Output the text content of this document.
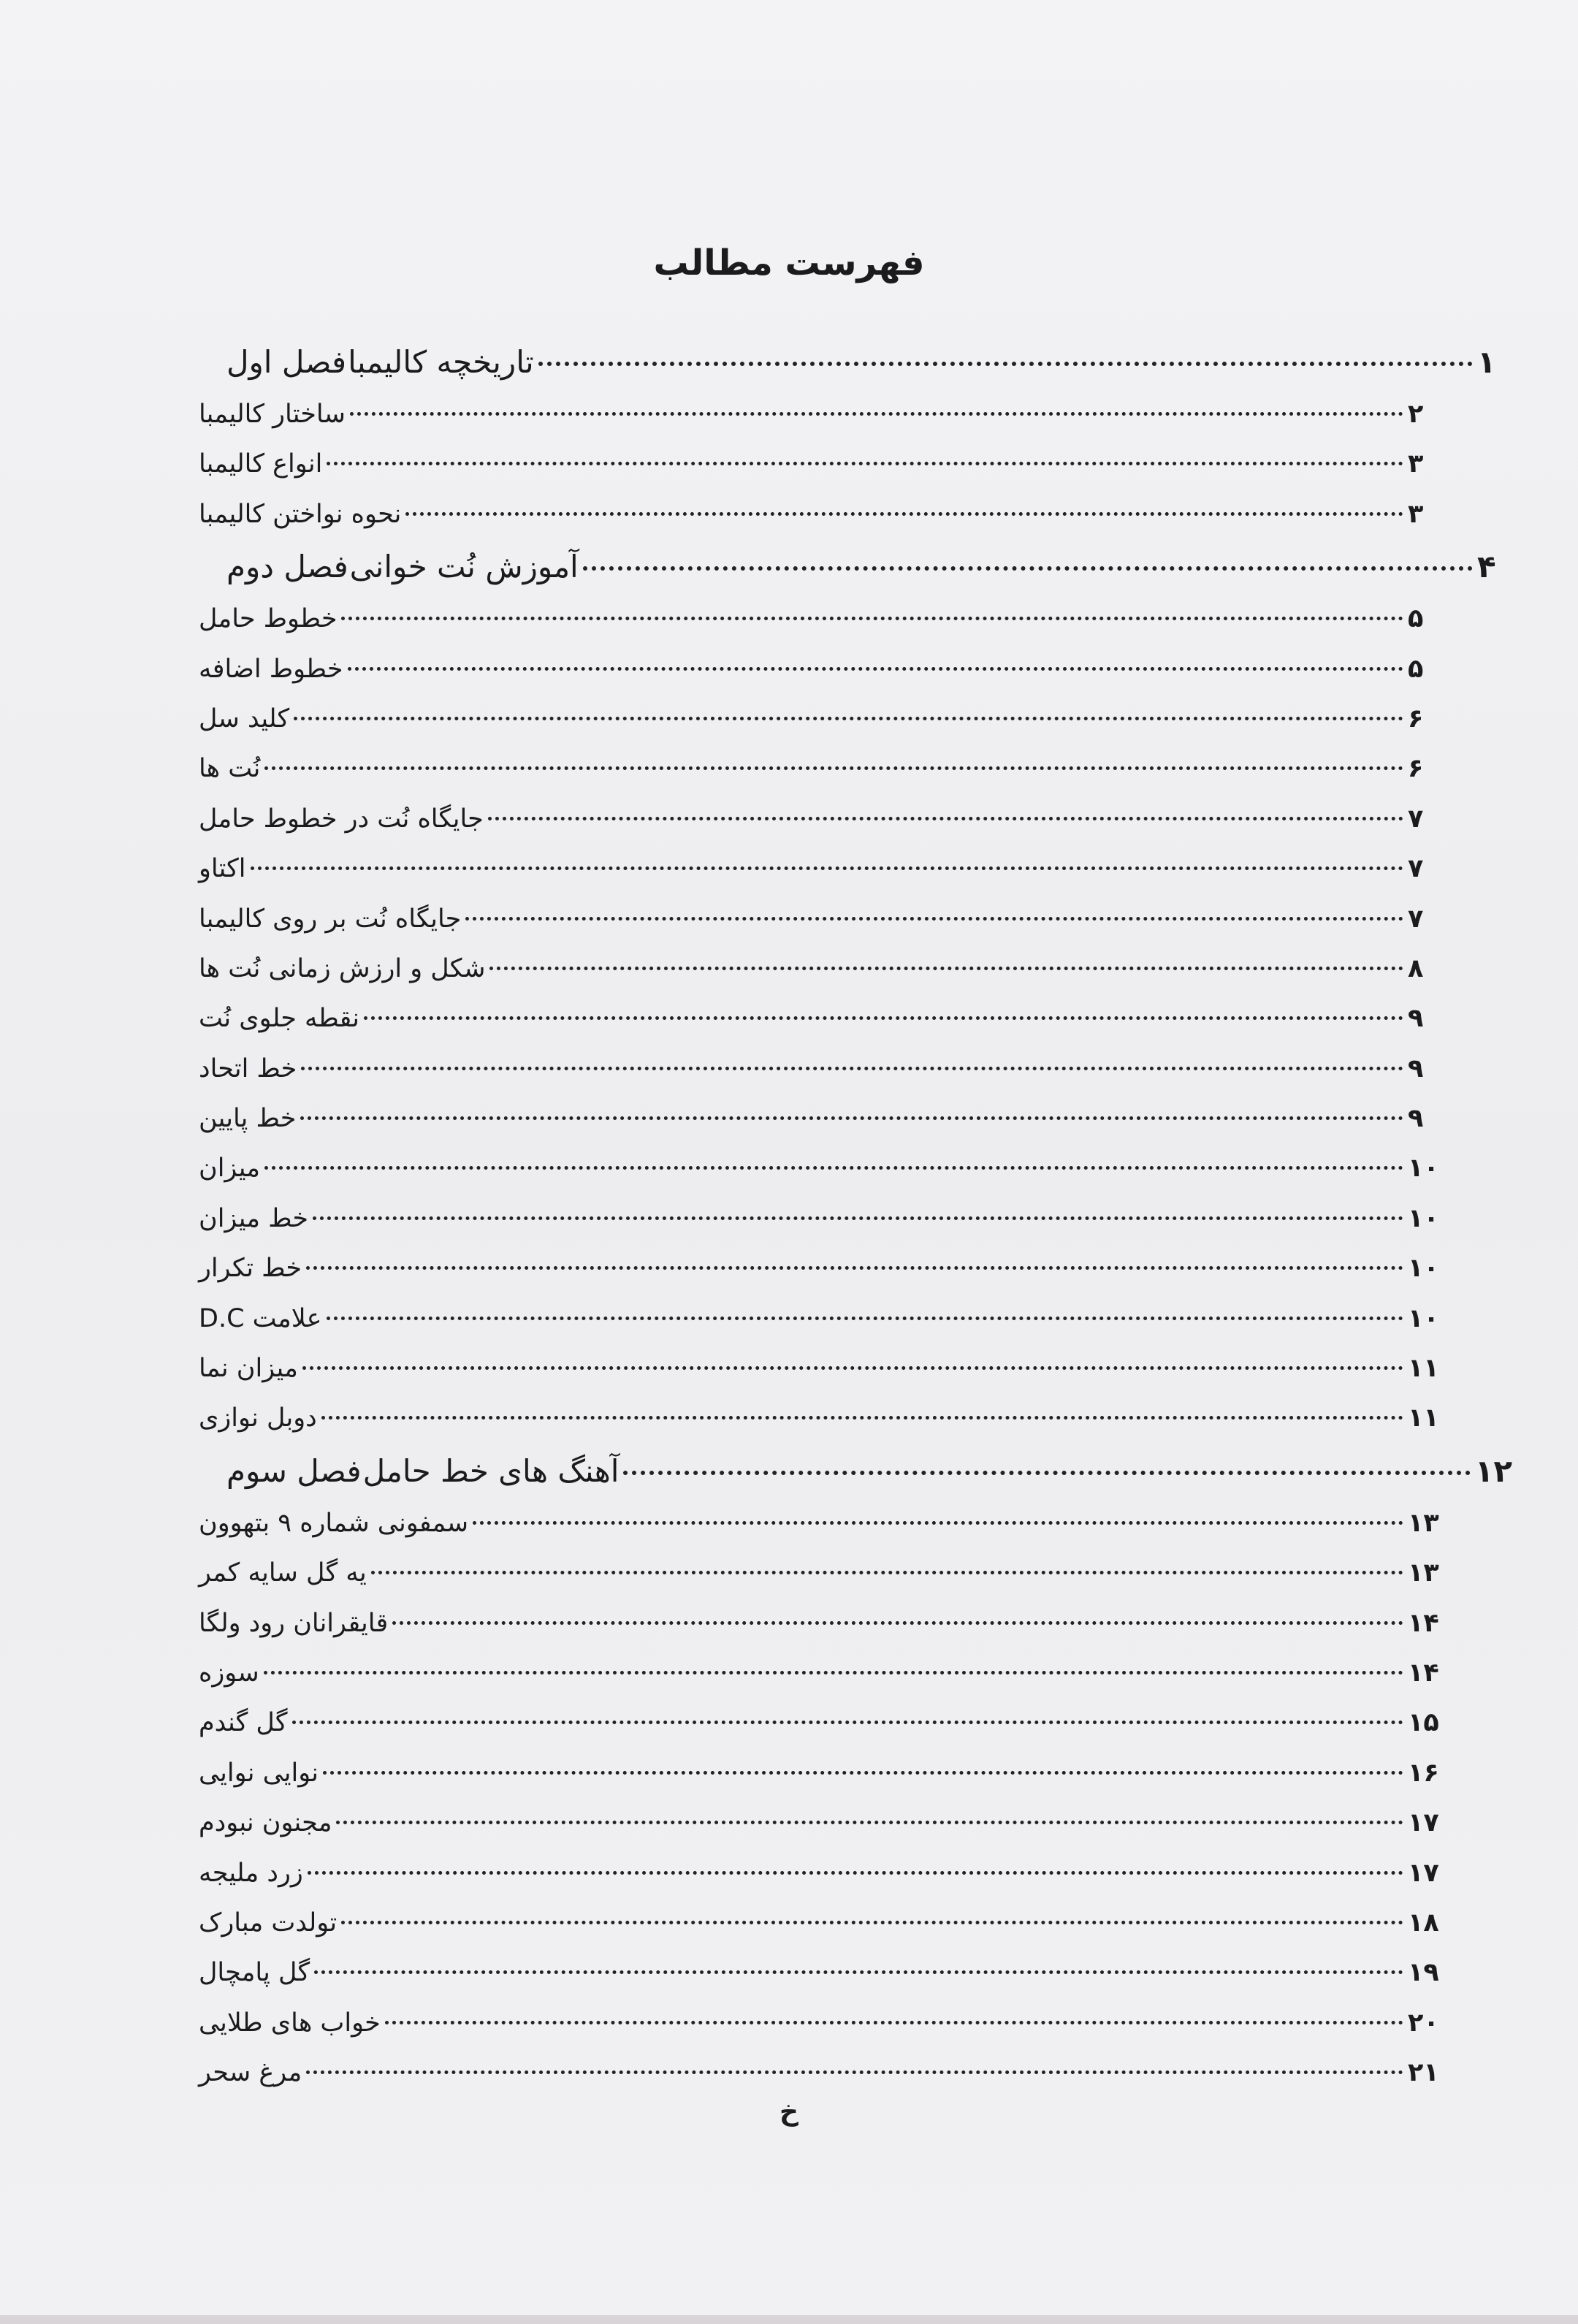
فهرست مطالب
فصل اول تاریخچه کالیمبا	۱
ساختار کالیمبا	۲
انواع کالیمبا	۳
نحوه نواختن کالیمبا	۳
فصل دوم آموزش نُت خوانی	۴
خطوط حامل	۵
خطوط اضافه	۵
کلید سل	۶
نُت ها	۶
جایگاه نُت در خطوط حامل	۷
اکتاو	۷
جایگاه نُت بر روی کالیمبا	۷
شکل و ارزش زمانی نُت ها	۸
نقطه جلوی نُت	۹
خط اتحاد	۹
خط پایین	۹
میزان	۱۰
خط میزان	۱۰
خط تکرار	۱۰
علامت D.C	۱۰
میزان نما	۱۱
دوبل نوازی	۱۱
فصل سوم آهنگ های خط حامل	۱۲
سمفونی شماره ۹ بتهوون	۱۳
یه گل سایه کمر	۱۳
قایقرانان رود ولگا	۱۴
سوزه	۱۴
گل گندم	۱۵
نوایی نوایی	۱۶
مجنون نبودم	۱۷
زرد ملیجه	۱۷
تولدت مبارک	۱۸
گل پامچال	۱۹
خواب های طلایی	۲۰
مرغ سحر	۲۱
خ
